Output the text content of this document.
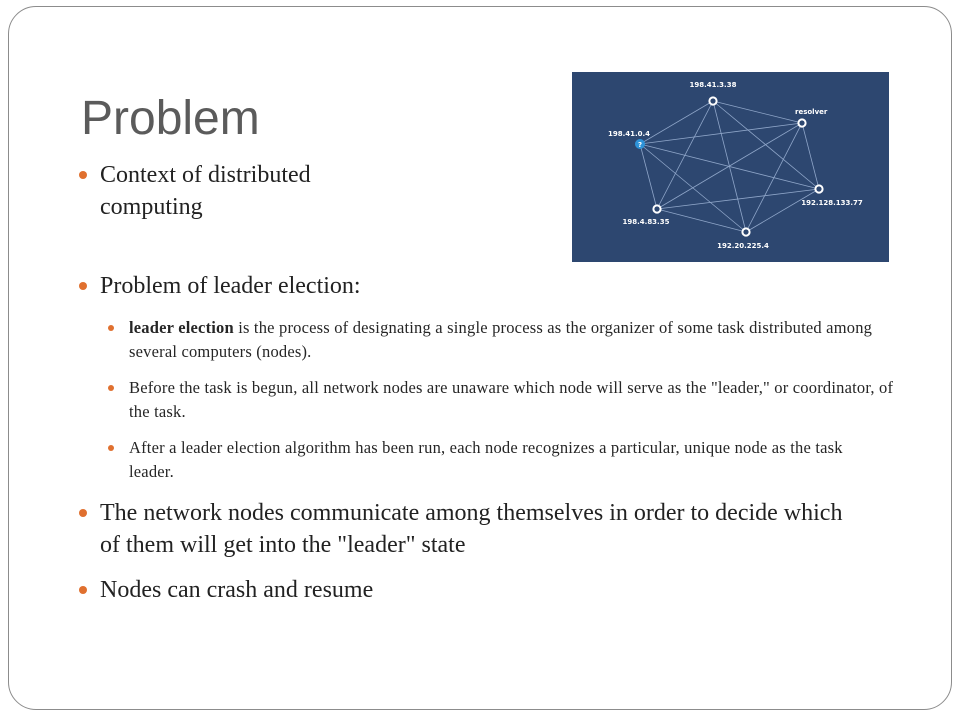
Problem
198.41.3.38
resolver
192.128.133.77
192.20.225.4
198.4.83.35
?
198.41.0.4
Context of distributed computing
Problem of leader election:
leader election is the process of designating a single process as the organizer of some task distributed among several computers (nodes).
Before the task is begun, all network nodes are unaware which node will serve as the "leader," or coordinator, of the task.
After a leader election algorithm has been run, each node recognizes a particular, unique node as the task leader.
The network nodes communicate among themselves in order to decide which of them will get into the "leader" state
Nodes can crash and resume
